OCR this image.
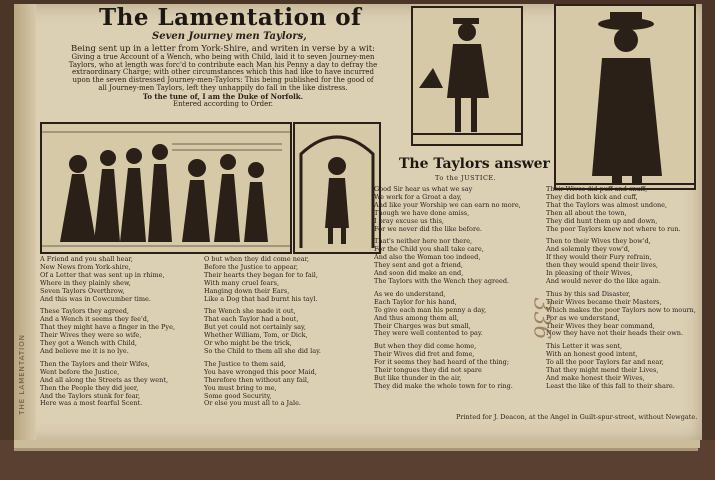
THE LAMENTATION
The Lamentation of
Seven Journey men Taylors,
Being sent up in a letter from York-Shire, and writen in verse by a wit:
Giving a true Account of a Wench, who being with Child, laid it to seven Journey-men
Taylors, who at length was forc'd to contribute each Man his Penny a day to defray the
extraordinary Charge; with other circumstances which this had like to have incurred
upon the seven distressed Journey-men-Taylors: This being published for the good of
all Journey-men Taylors, left they unhappily do fall in the like distress.
To the tune of, I am the Duke of Norfolk.
Entered according to Order.
The Taylors answer
To the JUSTICE.
A Friend and you shall hear,
New News from York-shire,
Of a Letter that was sent up in rhime,
Where in they plainly shew,
Seven Taylors Overthrow,
And this was in Cowcumber time.
These Taylors they agreed,
And a Wench it seems they fee'd,
That they might have a finger in the Pye,
Their Wives they were so wife,
They got a Wench with Child,
And believe me it is no lye.
Then the Taylors and their Wifes,
Went before the Justice,
And all along the Streets as they went,
Then the People they did jeer,
And the Taylors stunk for fear,
Here was a most fearful Scent.
O but when they did come near,
Before the Justice to appear,
Their hearts they began for to fail,
With many cruel fears,
Hanging down their Ears,
Like a Dog that had burnt his tayl.
The Wench she made it out,
That each Taylor had a bout,
But yet could not certainly say,
Whether William, Tom, or Dick,
Or who might be the trick,
So the Child to them all she did lay.
The Justice to them said,
You have wronged this poor Maid,
Therefore then without any fail,
You must bring to me,
Some good Security,
Or else you must all to a Jale.
Good Sir hear us what we say
We work for a Groat a day,
And like your Worship we can earn no more,
Though we have done amiss,
I pray excuse us this,
For we never did the like before.
That's neither here nor there,
For the Child you shall take care,
And also the Woman too indeed,
They sent and got a friend,
And soon did make an end,
The Taylors with the Wench they agreed.
As we do understand,
Each Taylor for his hand,
To give each man his penny a day,
And thus among them all,
Their Charges was but small,
They were well contented to pay.
But when they did come home,
Their Wives did fret and fome,
For it seems they had heard of the thing;
Their tongues they did not spare
But like thunder in the air,
They did make the whole town for to ring.
Their Wives did puff and snuff,
They did both kick and cuff,
That the Taylors was almost undone,
Then all about the town,
They did hunt them up and down,
The poor Taylors knew not where to run.
Then to their Wives they bow'd,
And solemnly they vow'd,
If they would their Fury refrain,
then they would spend their lives,
In pleasing of their Wives,
And would never do the like again.
Thus by this sad Disaster,
Their Wives became their Masters,
Which makes the poor Taylors now to mourn,
For as we understand,
Their Wives they bear command,
Now they have not their heads their own.
This Letter it was sent,
With an honest good intent,
To all the poor Taylors far and near,
That they might mend their Lives,
And make honest their Wives,
Least the like of this fall to their share.
336
Printed for J. Deacon, at the Angel in Guilt-spur-street, without Newgate.
